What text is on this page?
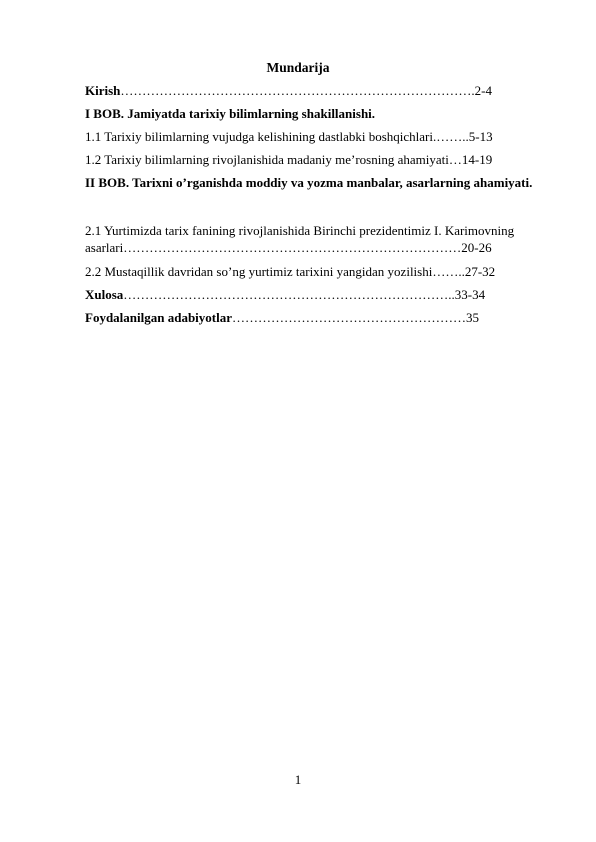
Mundarija
Kirish……………………………………………………………………….2-4
I BOB. Jamiyatda tarixiy bilimlarning shakillanishi.
1.1 Tarixiy bilimlarning vujudga kelishining dastlabki boshqichlari.……..5-13
1.2 Tarixiy bilimlarning rivojlanishida madaniy me’rosning ahamiyati…14-19
II BOB. Tarixni o’rganishda moddiy va yozma manbalar, asarlarning ahamiyati.
2.1 Yurtimizda tarix fanining rivojlanishida Birinchi prezidentimiz I. Karimovning
asarlari……………………………………………………………………20-26
2.2 Mustaqillik davridan so’ng yurtimiz tarixini yangidan yozilishi……..27-32
Xulosa…………………………………………………………………..33-34
Foydalanilgan adabiyotlar………………………………………………35
1
